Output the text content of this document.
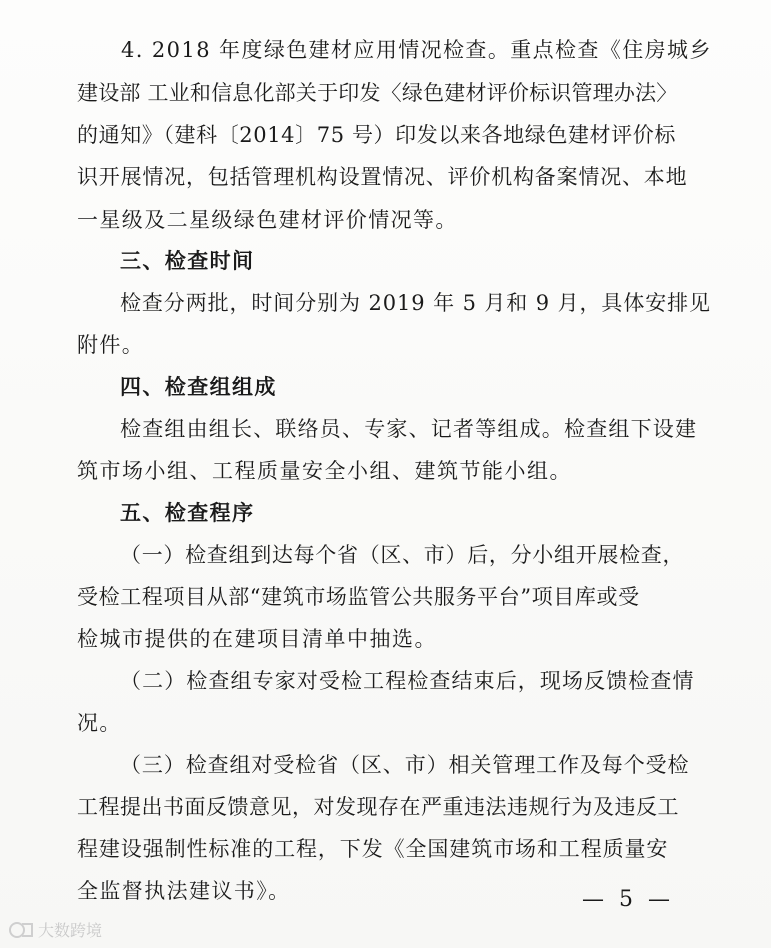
4. 2018 年度绿色建材应用情况检查。重点检查《住房城乡
建设部 工业和信息化部关于印发〈绿色建材评价标识管理办法〉
的通知》（建科〔2014〕75 号）印发以来各地绿色建材评价标
识开展情况，包括管理机构设置情况、评价机构备案情况、本地
一星级及二星级绿色建材评价情况等。
三、检查时间
检查分两批，时间分别为 2019 年 5 月和 9 月，具体安排见
附件。
四、检查组组成
检查组由组长、联络员、专家、记者等组成。检查组下设建
筑市场小组、工程质量安全小组、建筑节能小组。
五、检查程序
（一）检查组到达每个省（区、市）后，分小组开展检查，
受检工程项目从部“建筑市场监管公共服务平台”项目库或受
检城市提供的在建项目清单中抽选。
（二）检查组专家对受检工程检查结束后，现场反馈检查情
况。
（三）检查组对受检省（区、市）相关管理工作及每个受检
工程提出书面反馈意见，对发现存在严重违法违规行为及违反工
程建设强制性标准的工程，下发《全国建筑市场和工程质量安
全监督执法建议书》。	— 5 —
大数跨境
